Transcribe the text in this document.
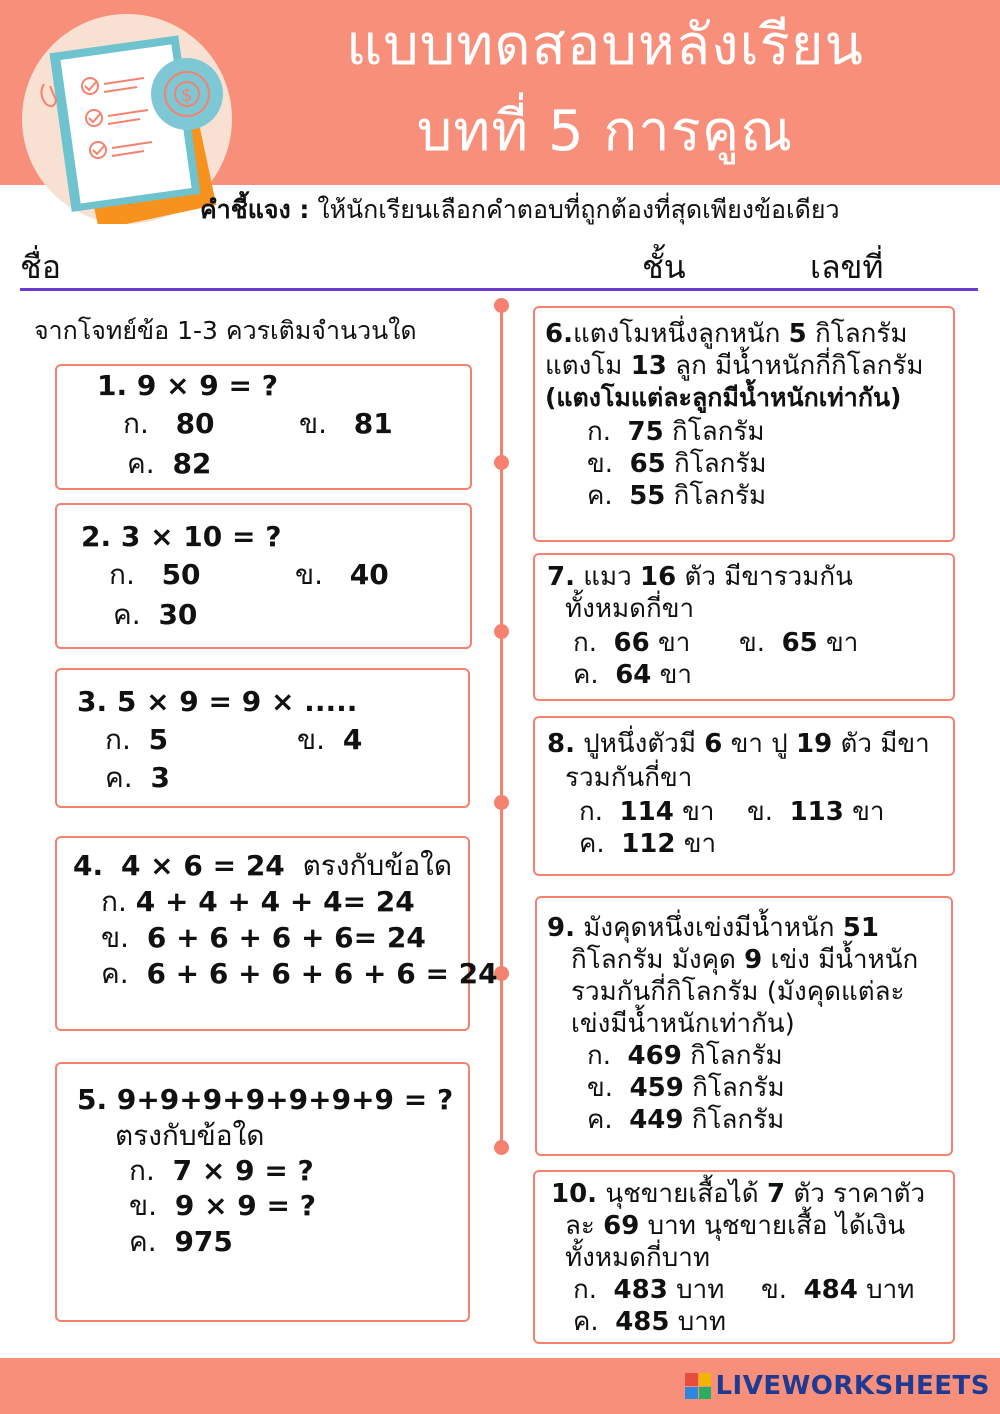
$
แบบทดสอบหลังเรียน
บทที่ 5 การคูณ
คำชี้แจง : ให้นักเรียนเลือกคำตอบที่ถูกต้องที่สุดเพียงข้อเดียว
ชื่อ	ชั้น	เลขที่
จากโจทย์ข้อ 1-3 ควรเติมจำนวนใด
1. 9 × 9 = ?
ก. 80	ข. 81
ค. 82
2. 3 × 10 = ?
ก. 50	ข. 40
ค. 30
3. 5 × 9 = 9 × .....
ก. 5	ข. 4
ค. 3
4. 4 × 6 = 24 ตรงกับข้อใด
ก. 4 + 4 + 4 + 4= 24
ข. 6 + 6 + 6 + 6= 24
ค. 6 + 6 + 6 + 6 + 6 = 24
5. 9+9+9+9+9+9+9 = ?
ตรงกับข้อใด
ก. 7 × 9 = ?
ข. 9 × 9 = ?
ค. 975
6.แตงโมหนึ่งลูกหนัก 5 กิโลกรัม
แตงโม 13 ลูก มีน้ำหนักกี่กิโลกรัม
(แตงโมแต่ละลูกมีน้ำหนักเท่ากัน)
ก. 75 กิโลกรัม
ข. 65 กิโลกรัม
ค. 55 กิโลกรัม
7. แมว 16 ตัว มีขารวมกัน
ทั้งหมดกี่ขา
ก. 66 ขา ข. 65 ขา
ค. 64 ขา
8. ปูหนึ่งตัวมี 6 ขา ปู 19 ตัว มีขา
รวมกันกี่ขา
ก. 114 ขา ข. 113 ขา
ค. 112 ขา
9. มังคุดหนึ่งเข่งมีน้ำหนัก 51
กิโลกรัม มังคุด 9 เข่ง มีน้ำหนัก
รวมกันกี่กิโลกรัม (มังคุดแต่ละ
เข่งมีน้ำหนักเท่ากัน)
ก. 469 กิโลกรัม
ข. 459 กิโลกรัม
ค. 449 กิโลกรัม
10. นุชขายเสื้อได้ 7 ตัว ราคาตัว
ละ 69 บาท นุชขายเสื้อ ได้เงิน
ทั้งหมดกี่บาท
ก. 483 บาท ข. 484 บาท
ค. 485 บาท
LIVEWORKSHEETS
